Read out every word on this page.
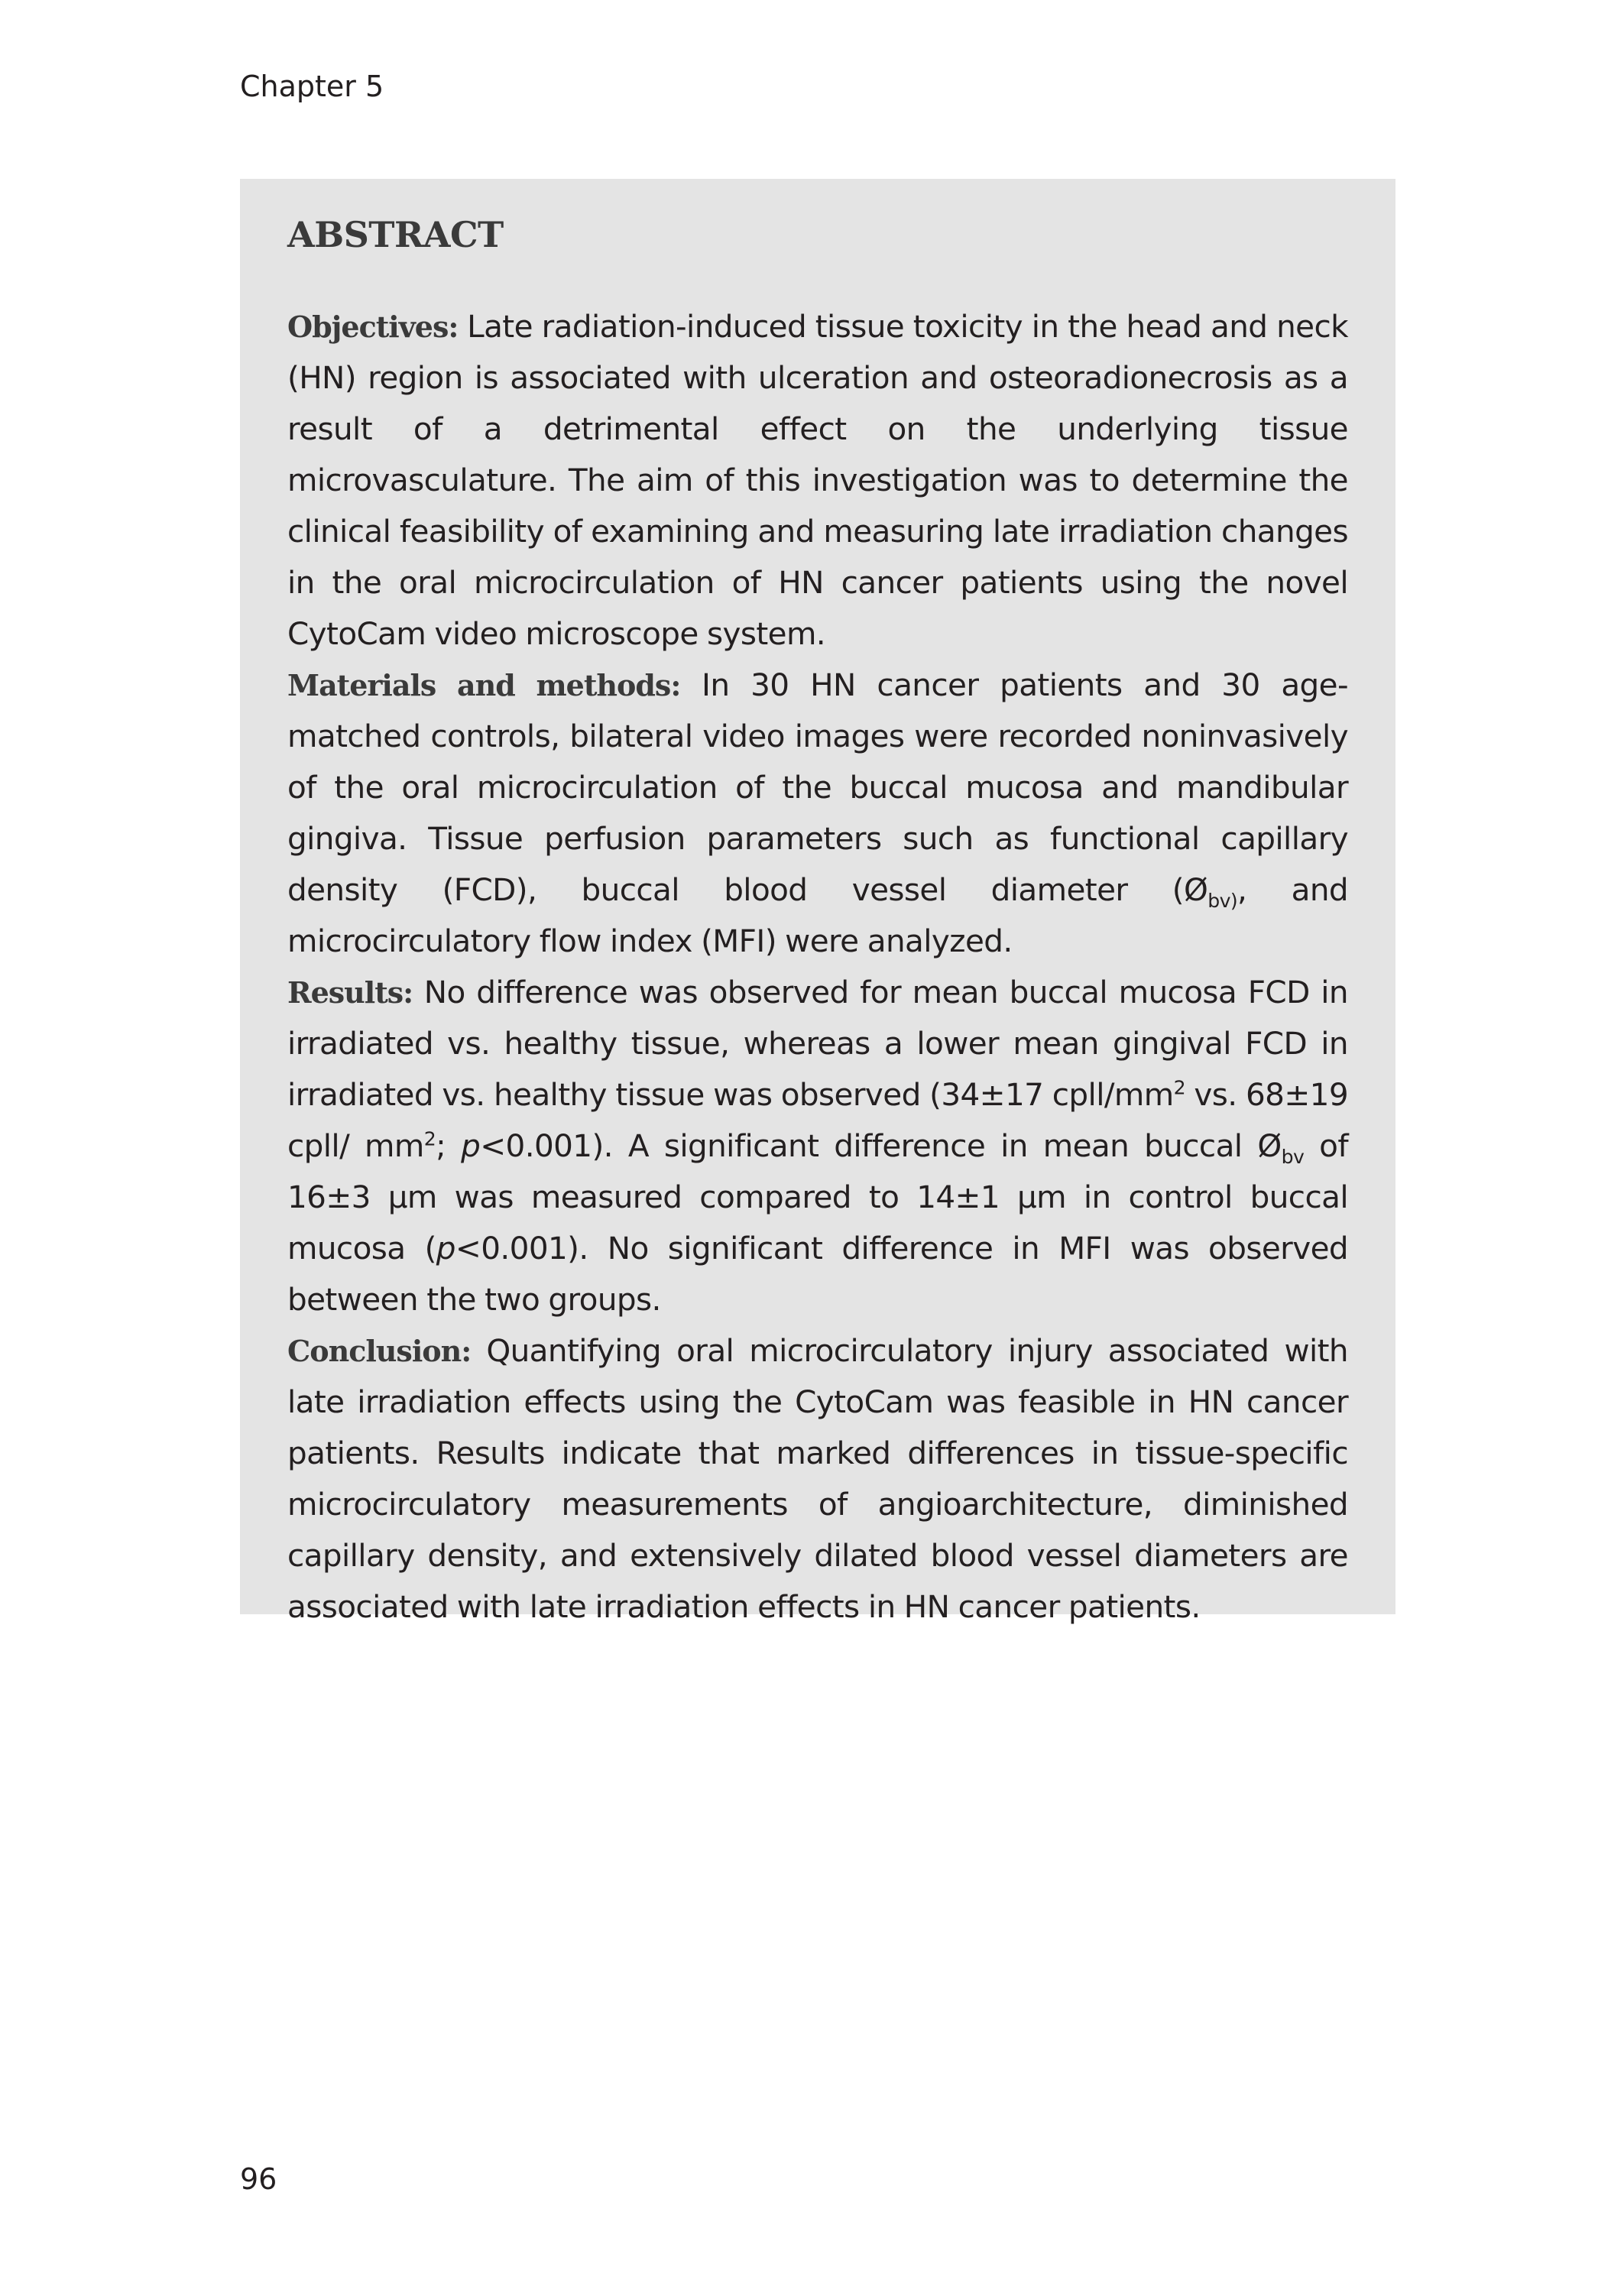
Chapter 5
ABSTRACT

Objectives: Late radiation-induced tissue toxicity in the head and neck (HN) region is associated with ulceration and osteoradionecrosis as a result of a detrimental effect on the underlying tissue microvasculature. The aim of this investigation was to determine the clinical feasibility of examining and measuring late irradiation changes in the oral microcirculation of HN cancer patients using the novel CytoCam video microscope system.

Materials and methods: In 30 HN cancer patients and 30 age-matched controls, bilateral video images were recorded noninvasively of the oral microcirculation of the buccal mucosa and mandibular gingiva. Tissue perfusion parameters such as functional capillary density (FCD), buccal blood vessel diameter ($Ø_{bv)}$, and microcirculatory flow index (MFI) were analyzed.

Results: No difference was observed for mean buccal mucosa FCD in irradiated vs. healthy tissue, whereas a lower mean gingival FCD in irradiated vs. healthy tissue was observed (34±17 cpll/$mm^2$ vs. 68±19 cpll/ $mm^2$; p<0.001). A significant difference in mean buccal $Ø_{bv}$ of 16±3 μm was measured compared to 14±1 μm in control buccal mucosa (p<0.001). No significant difference in MFI was observed between the two groups.

Conclusion: Quantifying oral microcirculatory injury associated with late irradiation effects using the CytoCam was feasible in HN cancer patients. Results indicate that marked differences in tissue-specific microcirculatory measurements of angioarchitecture, diminished capillary density, and extensively dilated blood vessel diameters are associated with late irradiation effects in HN cancer patients.

96
